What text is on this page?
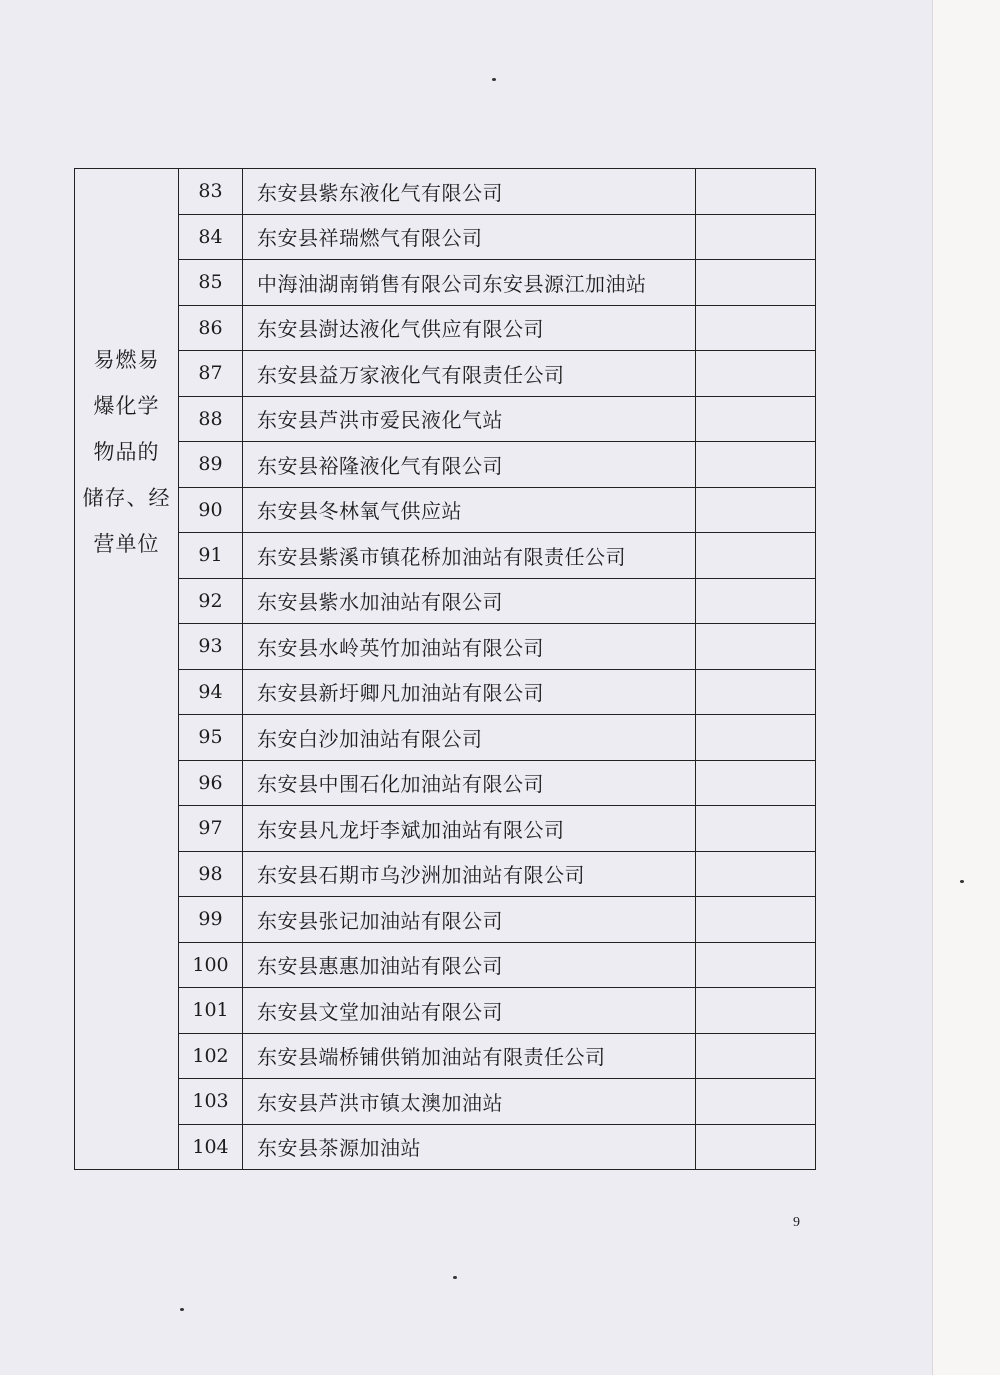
易燃易
爆化学
物品的
储存、经
营单位	83	东安县紫东液化气有限公司	
	84	东安县祥瑞燃气有限公司	
	85	中海油湖南销售有限公司东安县源江加油站	
	86	东安县澍达液化气供应有限公司	
	87	东安县益万家液化气有限责任公司	
	88	东安县芦洪市爱民液化气站	
	89	东安县裕隆液化气有限公司	
	90	东安县冬林氧气供应站	
	91	东安县紫溪市镇花桥加油站有限责任公司	
	92	东安县紫水加油站有限公司	
	93	东安县水岭英竹加油站有限公司	
	94	东安县新圩卿凡加油站有限公司	
	95	东安白沙加油站有限公司	
	96	东安县中围石化加油站有限公司	
	97	东安县凡龙圩李斌加油站有限公司	
	98	东安县石期市乌沙洲加油站有限公司	
	99	东安县张记加油站有限公司	
	100	东安县惠惠加油站有限公司	
	101	东安县文堂加油站有限公司	
	102	东安县端桥铺供销加油站有限责任公司	
	103	东安县芦洪市镇太澳加油站	
	104	东安县茶源加油站	
9
